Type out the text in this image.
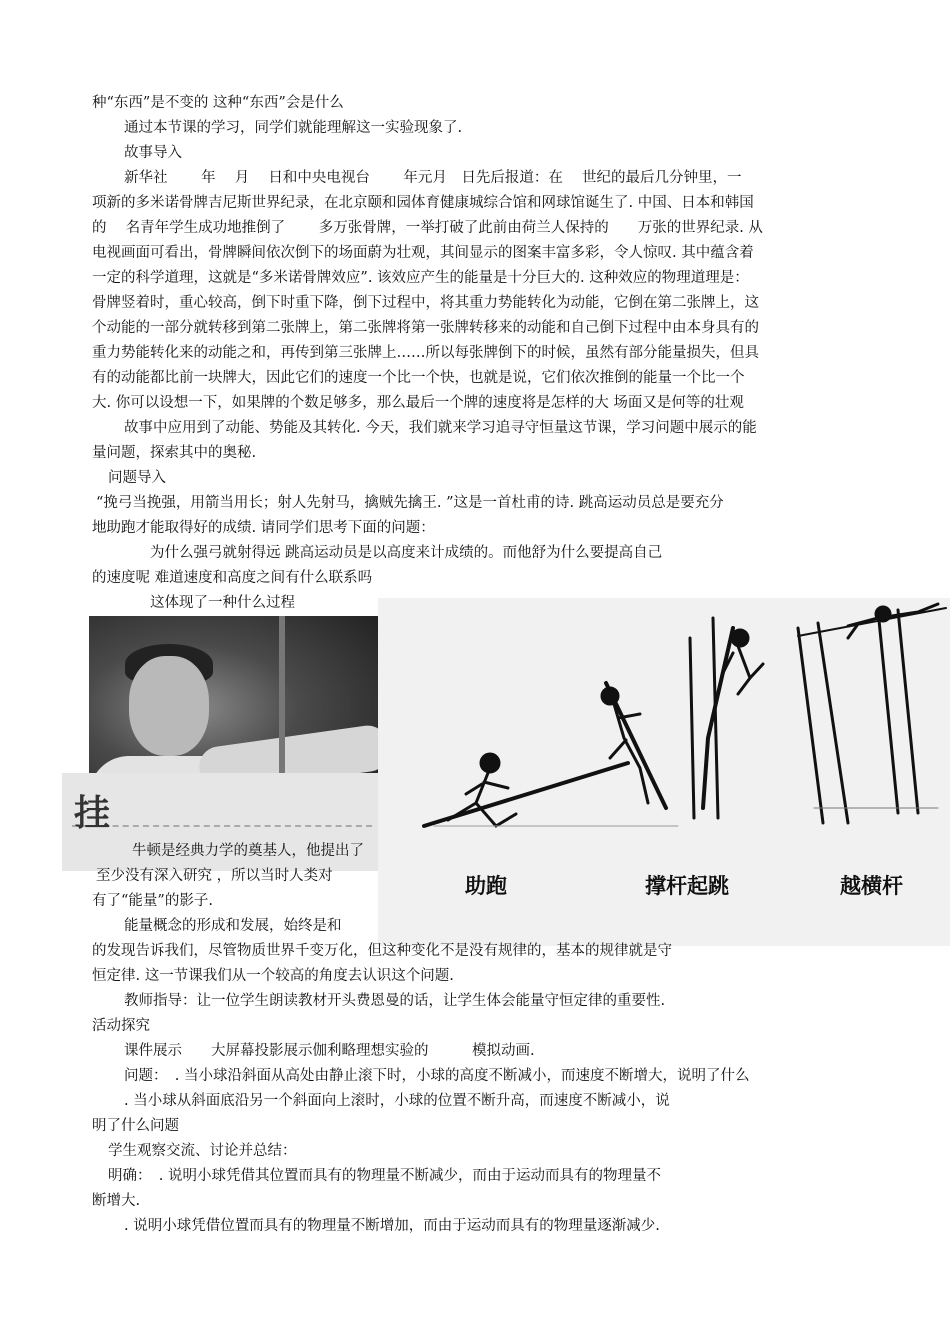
种“东西”是不变的 这种“东西”会是什么
通过本节课的学习，同学们就能理解这一实验现象了.
故事导入
新华社　　 年　 月　 日和中央电视台　　 年元月　日先后报道：在　 世纪的最后几分钟里，一
项新的多米诺骨牌吉尼斯世界纪录，在北京颐和园体育健康城综合馆和网球馆诞生了. 中国、日本和韩国
的　 名青年学生成功地推倒了　　 多万张骨牌，一举打破了此前由荷兰人保持的　　万张的世界纪录. 从
电视画面可看出，骨牌瞬间依次倒下的场面蔚为壮观，其间显示的图案丰富多彩，令人惊叹. 其中蕴含着
一定的科学道理，这就是“多米诺骨牌效应”. 该效应产生的能量是十分巨大的. 这种效应的物理道理是：
骨牌竖着时，重心较高，倒下时重下降，倒下过程中，将其重力势能转化为动能，它倒在第二张牌上，这
个动能的一部分就转移到第二张牌上，第二张牌将第一张牌转移来的动能和自己倒下过程中由本身具有的
重力势能转化来的动能之和，再传到第三张牌上……所以每张牌倒下的时候，虽然有部分能量损失，但具
有的动能都比前一块牌大，因此它们的速度一个比一个快，也就是说，它们依次推倒的能量一个比一个
大. 你可以设想一下，如果牌的个数足够多，那么最后一个牌的速度将是怎样的大 场面又是何等的壮观
故事中应用到了动能、势能及其转化. 今天，我们就来学习追寻守恒量这节课，学习问题中展示的能
量问题，探索其中的奥秘.
问题导入
“挽弓当挽强，用箭当用长；射人先射马，擒贼先擒王. ”这是一首杜甫的诗. 跳高运动员总是要充分
地助跑才能取得好的成绩. 请同学们思考下面的问题：
为什么强弓就射得远 跳高运动员是以高度来计成绩的。而他舒为什么要提高自己
的速度呢 难道速度和高度之间有什么联系吗
这体现了一种什么过程
挂
牛顿是经典力学的奠基人，他提出了
至少没有深入研究 ，所以当时人类对
有了“能量”的影子.
能量概念的形成和发展，始终是和
助跑	撑杆起跳	越横杆
的发现告诉我们，尽管物质世界千变万化，但这种变化不是没有规律的，基本的规律就是守
恒定律. 这一节课我们从一个较高的角度去认识这个问题.
教师指导：让一位学生朗读教材开头费恩曼的话，让学生体会能量守恒定律的重要性.
活动探究
课件展示　　大屏幕投影展示伽利略理想实验的　　　模拟动画.
问题：　. 当小球沿斜面从高处由静止滚下时，小球的高度不断减小，而速度不断增大，说明了什么
. 当小球从斜面底沿另一个斜面向上滚时，小球的位置不断升高，而速度不断减小，说
明了什么问题
学生观察交流、讨论并总结：
明确：　. 说明小球凭借其位置而具有的物理量不断减少，而由于运动而具有的物理量不
断增大.
. 说明小球凭借位置而具有的物理量不断增加，而由于运动而具有的物理量逐渐减少.
